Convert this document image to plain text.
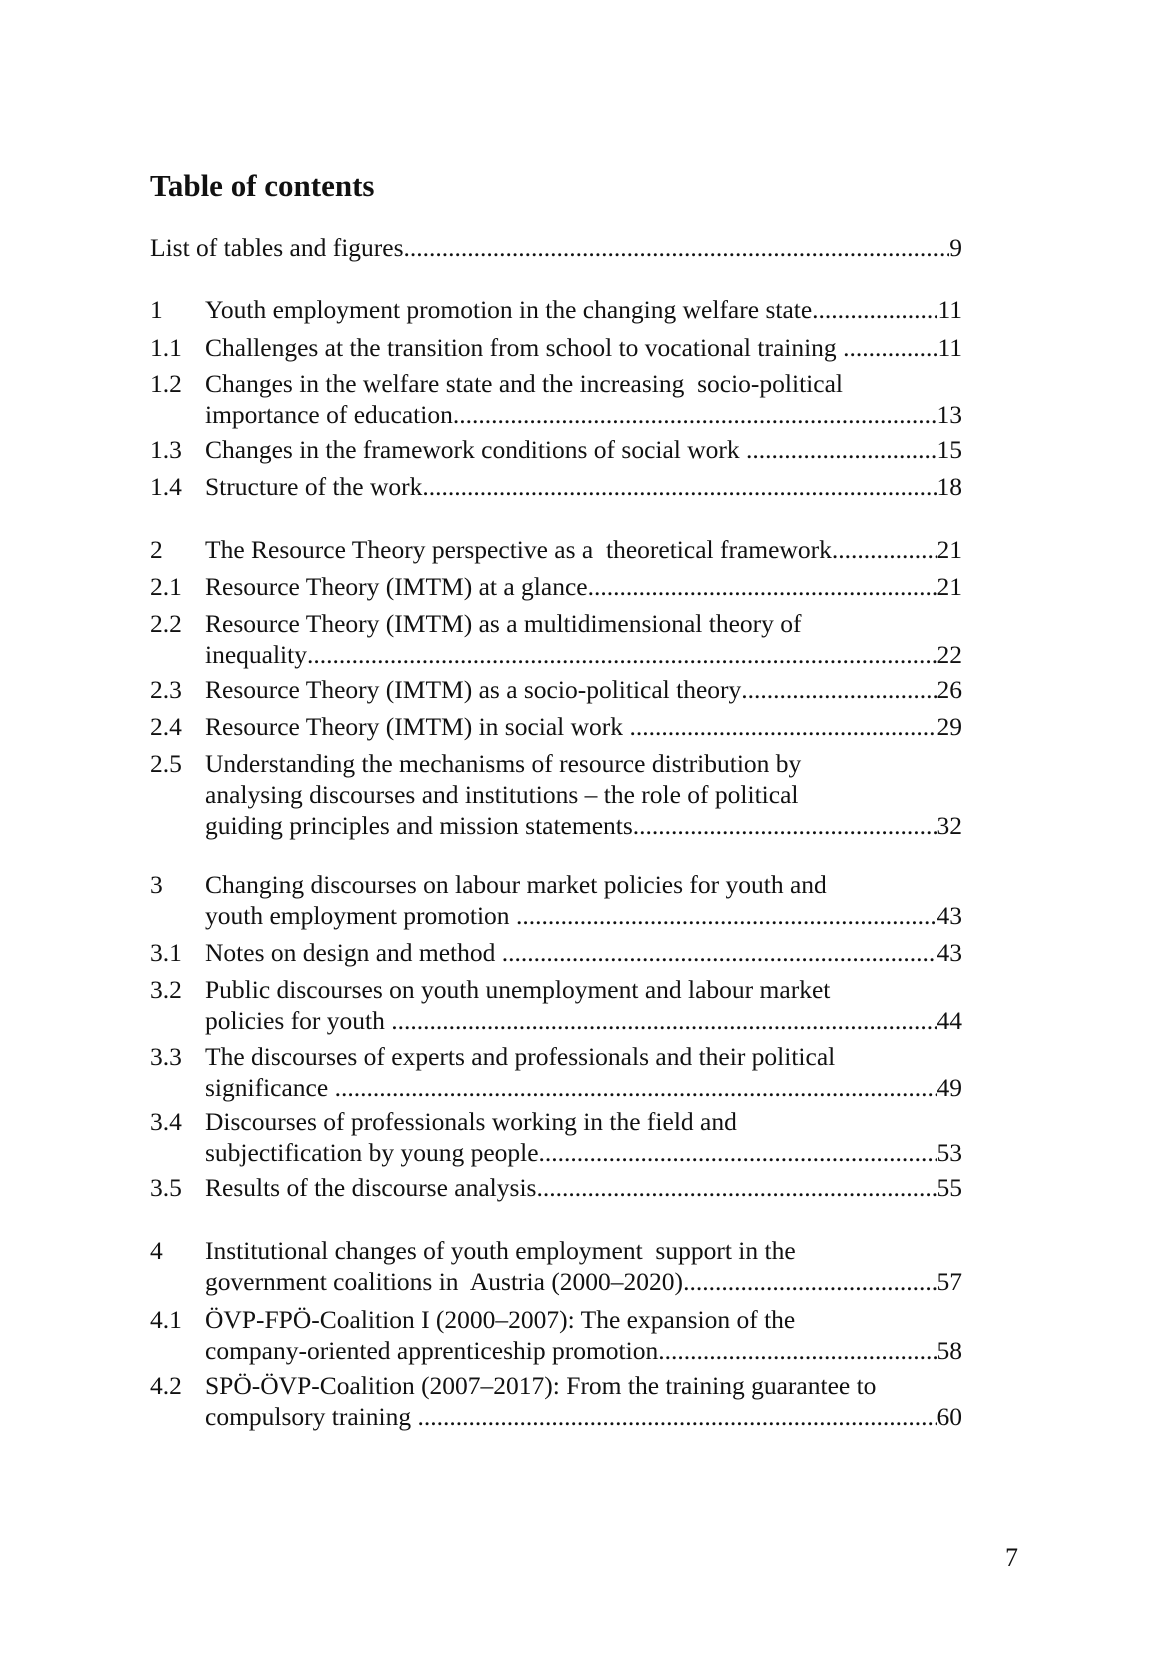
Table of contents
List of tables and figures .....	9
1 Youth employment promotion in the changing welfare state .....	11
1.1 Challenges at the transition from school to vocational training .....	11
1.2 Changes in the welfare state and the increasing  socio-political
importance of education .....	13
1.3 Changes in the framework conditions of social work .....	15
1.4 Structure of the work .....	18
2 The Resource Theory perspective as a  theoretical framework .....	21
2.1 Resource Theory (IMTM) at a glance .....	21
2.2 Resource Theory (IMTM) as a multidimensional theory of
inequality .....	22
2.3 Resource Theory (IMTM) as a socio-political theory .....	26
2.4 Resource Theory (IMTM) in social work .....	29
2.5 Understanding the mechanisms of resource distribution by
analysing discourses and institutions – the role of political
guiding principles and mission statements .....	32
3 Changing discourses on labour market policies for youth and
youth employment promotion .....	43
3.1 Notes on design and method .....	43
3.2 Public discourses on youth unemployment and labour market
policies for youth .....	44
3.3 The discourses of experts and professionals and their political
significance .....	49
3.4 Discourses of professionals working in the field and
subjectification by young people .....	53
3.5 Results of the discourse analysis .....	55
4 Institutional changes of youth employment  support in the
government coalitions in  Austria (2000–2020) .....	57
4.1 ÖVP-FPÖ-Coalition I (2000–2007): The expansion of the
company-oriented apprenticeship promotion .....	58
4.2 SPÖ-ÖVP-Coalition (2007–2017): From the training guarantee to
compulsory training .....	60
7
